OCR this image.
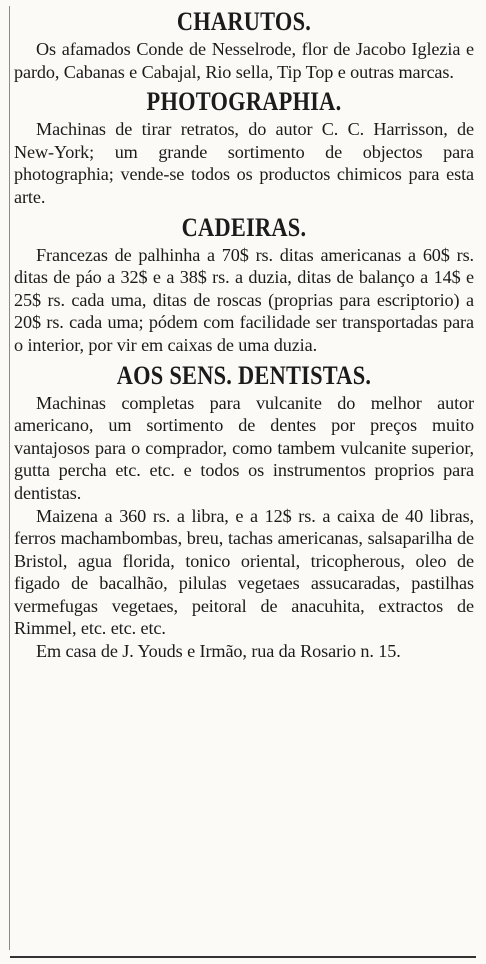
CHARUTOS.

Os afamados Conde de Nesselrode, flor de Jacobo Iglezia e pardo, Cabanas e Cabajal, Rio sella, Tip Top e outras marcas.

PHOTOGRAPHIA.

Machinas de tirar retratos, do autor C. C. Harrisson, de New-York; um grande sortimento de objectos para photographia; vende-se todos os productos chimicos para esta arte.

CADEIRAS.

Francezas de palhinha a 70$ rs. ditas americanas a 60$ rs. ditas de páo a 32$ e a 38$ rs. a duzia, ditas de balanço a 14$ e 25$ rs. cada uma, ditas de roscas (proprias para escriptorio) a 20$ rs. cada uma; pódem com facilidade ser transportadas para o interior, por vir em caixas de uma duzia.

AOS SENS. DENTISTAS.

Machinas completas para vulcanite do melhor autor americano, um sortimento de dentes por preços muito vantajosos para o comprador, como tambem vulcanite superior, gutta percha etc. etc. e todos os instrumentos proprios para dentistas.

Maizena a 360 rs. a libra, e a 12$ rs. a caixa de 40 libras, ferros machambombas, breu, tachas americanas, salsaparilha de Bristol, agua florida, tonico oriental, tricopherous, oleo de figado de bacalhão, pilulas vegetaes assucaradas, pastilhas vermefugas vegetaes, peitoral de anacuhita, extractos de Rimmel, etc. etc. etc.

Em casa de J. Youds e Irmão, rua da Rosario n. 15.
